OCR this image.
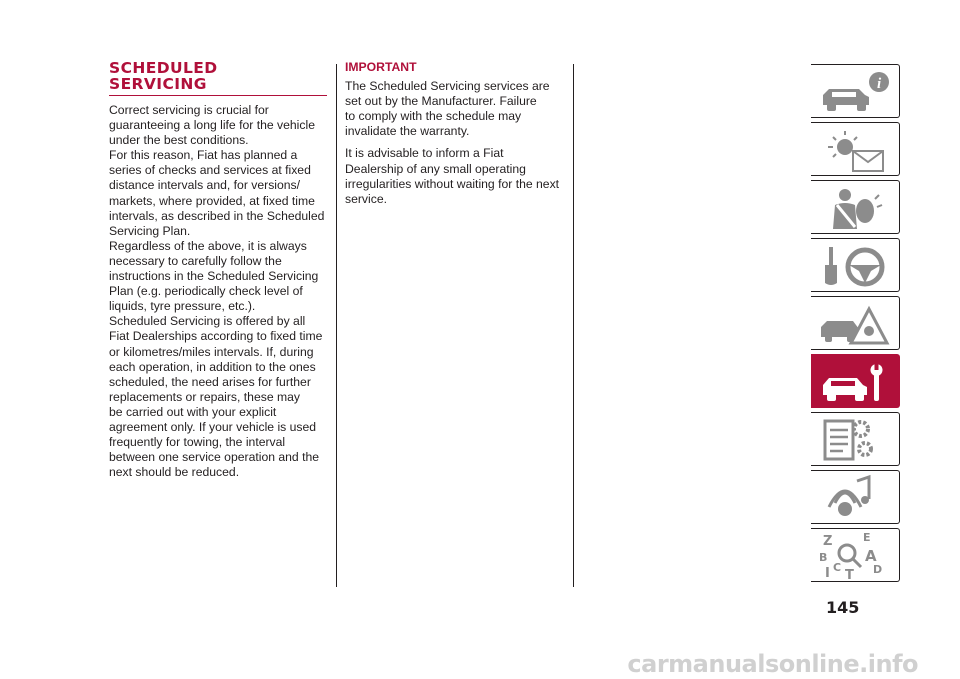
SCHEDULED
SERVICING

Correct servicing is crucial for
guaranteeing a long life for the vehicle
under the best conditions.

For this reason, Fiat has planned a
series of checks and services at fixed
distance intervals and, for versions/
markets, where provided, at fixed time
intervals, as described in the Scheduled
Servicing Plan.

Regardless of the above, it is always
necessary to carefully follow the
instructions in the Scheduled Servicing
Plan (e.g. periodically check level of
liquids, tyre pressure, etc.).

Scheduled Servicing is offered by all
Fiat Dealerships according to fixed time
or kilometres/miles intervals. If, during
each operation, in addition to the ones
scheduled, the need arises for further
replacements or repairs, these may
be carried out with your explicit
agreement only. If your vehicle is used
frequently for towing, the interval
between one service operation and the
next should be reduced.

IMPORTANT

The Scheduled Servicing services are
set out by the Manufacturer. Failure
to comply with the schedule may
invalidate the warranty.

It is advisable to inform a Fiat
Dealership of any small operating
irregularities without waiting for the next
service.

i
Z	E
B	A
C
I	D
T
145
carmanualsonline.info
